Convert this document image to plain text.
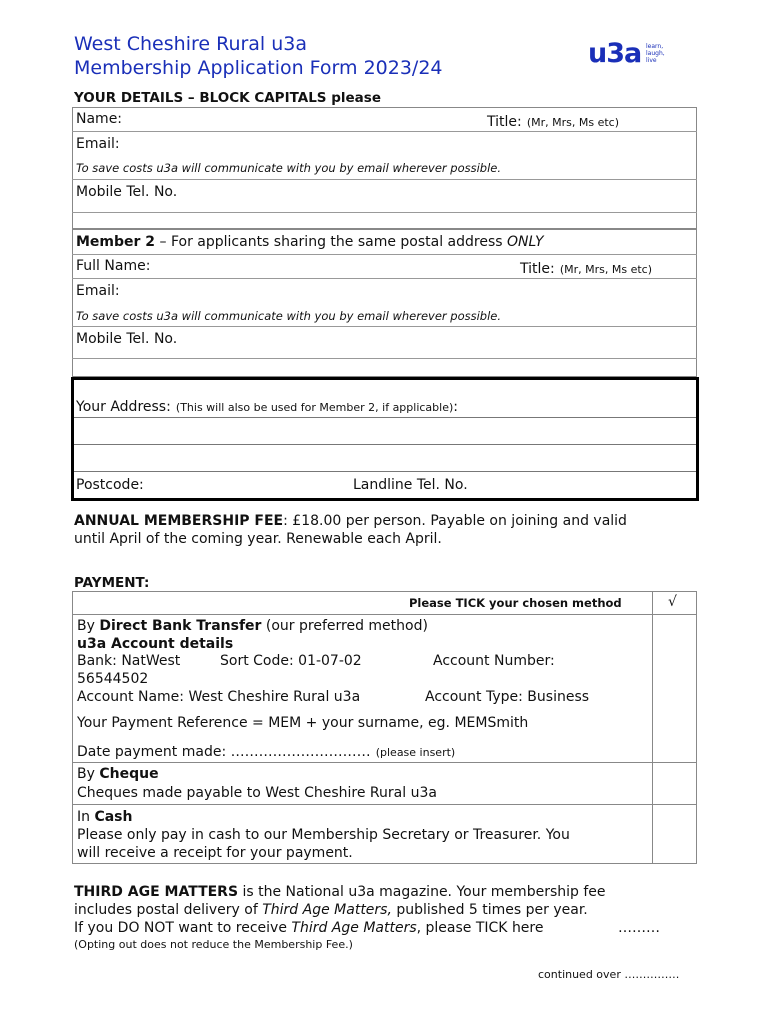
West Cheshire Rural u3a
Membership Application Form 2023/24	u3a learn,
laugh,
live
YOUR DETAILS – BLOCK CAPITALS please
Name:	Title: (Mr, Mrs, Ms etc)
Email:
To save costs u3a will communicate with you by email wherever possible.
Mobile Tel. No.
Member 2 – For applicants sharing the same postal address ONLY
Full Name:	Title: (Mr, Mrs, Ms etc)
Email:
To save costs u3a will communicate with you by email wherever possible.
Mobile Tel. No.
Your Address: (This will also be used for Member 2, if applicable):
Postcode:	Landline Tel. No.
ANNUAL MEMBERSHIP FEE: £18.00 per person. Payable on joining and valid
until April of the coming year. Renewable each April.
PAYMENT:
Please TICK your chosen method	√
By Direct Bank Transfer (our preferred method)
u3a Account details
Bank: NatWest	Sort Code: 01-07-02	Account Number:
56544502
Account Name: West Cheshire Rural u3a	Account Type: Business
Your Payment Reference = MEM + your surname, eg. MEMSmith
Date payment made: ………………………… (please insert)
By Cheque
Cheques made payable to West Cheshire Rural u3a
In Cash
Please only pay in cash to our Membership Secretary or Treasurer. You
will receive a receipt for your payment.
THIRD AGE MATTERS is the National u3a magazine. Your membership fee
includes postal delivery of Third Age Matters, published 5 times per year.
If you DO NOT want to receive Third Age Matters, please TICK here	………
(Opting out does not reduce the Membership Fee.)
continued over ……………
